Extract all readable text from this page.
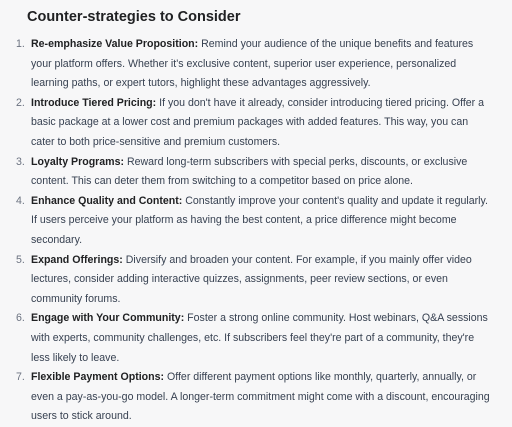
Counter-strategies to Consider
1. Re-emphasize Value Proposition: Remind your audience of the unique benefits and features your platform offers. Whether it's exclusive content, superior user experience, personalized learning paths, or expert tutors, highlight these advantages aggressively.
2. Introduce Tiered Pricing: If you don't have it already, consider introducing tiered pricing. Offer a basic package at a lower cost and premium packages with added features. This way, you can cater to both price-sensitive and premium customers.
3. Loyalty Programs: Reward long-term subscribers with special perks, discounts, or exclusive content. This can deter them from switching to a competitor based on price alone.
4. Enhance Quality and Content: Constantly improve your content's quality and update it regularly. If users perceive your platform as having the best content, a price difference might become secondary.
5. Expand Offerings: Diversify and broaden your content. For example, if you mainly offer video lectures, consider adding interactive quizzes, assignments, peer review sections, or even community forums.
6. Engage with Your Community: Foster a strong online community. Host webinars, Q&A sessions with experts, community challenges, etc. If subscribers feel they're part of a community, they're less likely to leave.
7. Flexible Payment Options: Offer different payment options like monthly, quarterly, annually, or even a pay-as-you-go model. A longer-term commitment might come with a discount, encouraging users to stick around.
